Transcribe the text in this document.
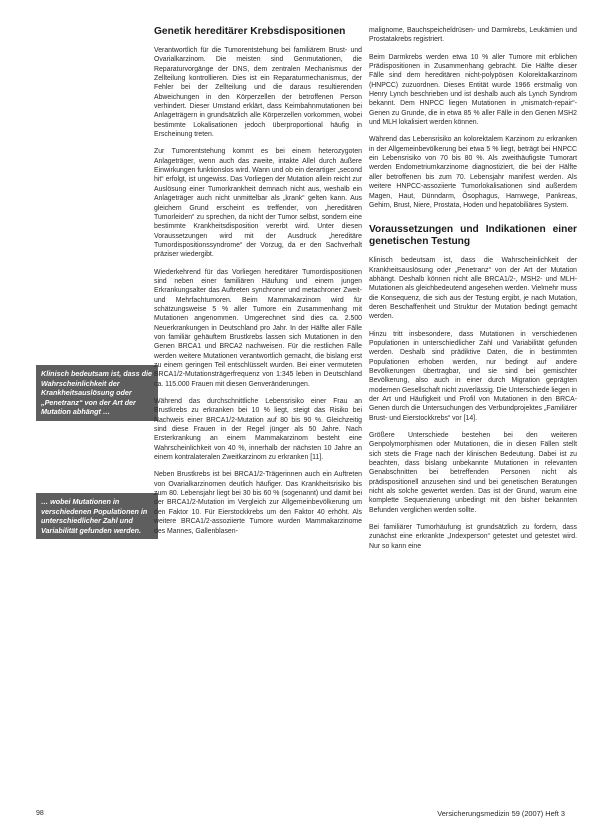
Klinisch bedeutsam ist, dass die Wahrscheinlichkeit der Krankheitsauslösung oder „Penetranz“ von der Art der Mutation abhängt …
… wobei Mutationen in verschiedenen Populationen in unterschiedlicher Zahl und Variabilität gefunden werden.
Genetik hereditärer Krebsdispositionen

Verantwortlich für die Tumorentstehung bei familiärem Brust- und Ovarialkarzinom. Die meisten sind Genmutationen, die Reparaturvorgänge der DNS, dem zentralen Mechanismus der Zellteilung kontrollieren. Dies ist ein Reparaturmechanismus, der Fehler bei der Zellteilung und die daraus resultierenden Abweichungen in den Körperzellen der betroffenen Person verhindert. Dieser Umstand erklärt, dass Keimbahnmutationen bei Anlageträgern in grundsätzlich alle Körperzellen vorkommen, wobei bestimmte Lokalisationen jedoch überproportional häufig in Erscheinung treten.

Zur Tumorentstehung kommt es bei einem heterozygoten Anlageträger, wenn auch das zweite, intakte Allel durch äußere Einwirkungen funktionslos wird. Wann und ob ein derartiger „second hit“ erfolgt, ist ungewiss. Das Vorliegen der Mutation allein reicht zur Auslösung einer Tumorkrankheit demnach nicht aus, weshalb ein Anlageträger auch nicht unmittelbar als „krank“ gelten kann. Aus gleichem Grund erscheint es treffender, von „hereditären Tumorleiden“ zu sprechen, da nicht der Tumor selbst, sondern eine bestimmte Krankheitsdisposition vererbt wird. Unter diesen Voraussetzungen wird mit der Ausdruck „hereditäre Tumordispositionssyndrome“ der Vorzug, da er den Sachverhalt präziser wiedergibt.

Wiederkehrend für das Vorliegen hereditärer Tumordispositionen sind neben einer familiären Häufung und einem jungen Erkrankungsalter das Auftreten synchroner und metachroner Zweit- und Mehrfachtumoren. Beim Mammakarzinom wird für schätzungsweise 5 % aller Tumore ein Zusammenhang mit Mutationen angenommen. Umgerechnet sind dies ca. 2.500 Neuerkrankungen in Deutschland pro Jahr. In der Hälfte aller Fälle von familiär gehäuftem Brustkrebs lassen sich Mutationen in den Genen BRCA1 und BRCA2 nachweisen. Für die restlichen Fälle werden weitere Mutationen verantwortlich gemacht, die bislang erst zu einem geringen Teil entschlüsselt wurden. Bei einer vermuteten BRCA1/2-Mutationsträgerfrequenz von 1:345 leben in Deutschland ca. 115.000 Frauen mit diesen Genveränderungen.

Während das durchschnittliche Lebensrisiko einer Frau an Brustkrebs zu erkranken bei 10 % liegt, steigt das Risiko bei Nachweis einer BRCA1/2-Mutation auf 80 bis 90 %. Gleichzeitig sind diese Frauen in der Regel jünger als 50 Jahre. Nach Ersterkrankung an einem Mammakarzinom besteht eine Wahrscheinlichkeit von 40 %, innerhalb der nächsten 10 Jahre an einem kontralateralen Zweitkarzinom zu erkranken [11].

Neben Brustkrebs ist bei BRCA1/2-Trägerinnen auch ein Auftreten von Ovarialkarzinomen deutlich häufiger. Das Krankheitsrisiko bis zum 80. Lebensjahr liegt bei 30 bis 60 % (sogenannt) und damit bei der BRCA1/2-Mutation im Vergleich zur Allgemeinbevölkerung um den Faktor 10. Für Eierstockkrebs um den Faktor 40 erhöht. Als weitere BRCA1/2-assoziierte Tumore wurden Mammakarzinome des Mannes, Gallenblasen-

malignome, Bauchspeicheldrüsen- und Darmkrebs, Leukämien und Prostatakrebs registriert.

Beim Darmkrebs werden etwa 10 % aller Tumore mit erblichen Prädispositionen in Zusammenhang gebracht. Die Hälfte dieser Fälle sind dem hereditären nicht-polypösen Kolorektalkarzinom (HNPCC) zuzuordnen. Dieses Entität wurde 1966 erstmalig von Henry Lynch beschrieben und ist deshalb auch als Lynch Syndrom bekannt. Dem HNPCC liegen Mutationen in „mismatch-repair“-Genen zu Grunde, die in etwa 85 % aller Fälle in den Genen MSH2 und MLH lokalisiert werden können.

Während das Lebensrisiko an kolorektalem Karzinom zu erkranken in der Allgemeinbevölkerung bei etwa 5 % liegt, beträgt bei HNPCC ein Lebensrisiko von 70 bis 80 %. Als zweithäufigste Tumorart werden Endometriumkarzinome diagnostiziert, die bei der Hälfte aller betroffenen bis zum 70. Lebensjahr manifest werden. Als weitere HNPCC-assoziierte Tumorlokalisationen sind außerdem Magen, Haut, Dünndarm, Ösophagus, Harnwege, Pankreas, Gehirn, Brust, Niere, Prostata, Hoden und hepatobiliäres System.

Voraussetzungen und Indikationen einer genetischen Testung

Klinisch bedeutsam ist, dass die Wahrscheinlichkeit der Krankheitsauslösung oder „Penetranz“ von der Art der Mutation abhängt. Deshalb können nicht alle BRCA1/2-, MSH2- und MLH-Mutationen als gleichbedeutend angesehen werden. Vielmehr muss die Konsequenz, die sich aus der Testung ergibt, je nach Mutation, deren Beschaffenheit und Struktur der Mutation bedingt gemacht werden.

Hinzu tritt insbesondere, dass Mutationen in verschiedenen Populationen in unterschiedlicher Zahl und Variabilität gefunden werden. Deshalb sind prädiktive Daten, die in bestimmten Populationen erhoben werden, nur bedingt auf andere Bevölkerungen übertragbar, und sie sind bei gemischter Bevölkerung, also auch in einer durch Migration geprägten modernen Gesellschaft nicht zuverlässig. Die Unterschiede liegen in der Art und Häufigkeit und Profil von Mutationen in den BRCA-Genen durch die Untersuchungen des Verbundprojektes „Familiärer Brust- und Eierstockkrebs“ vor [14].

Größere Unterschiede bestehen bei den weiteren Genpolymorphismen oder Mutationen, die in diesen Fällen stellt sich stets die Frage nach der klinischen Bedeutung. Dabei ist zu beachten, dass bislang unbekannte Mutationen in relevanten Genabschnitten bei betreffenden Personen nicht als prädispositionell anzusehen sind und bei genetischen Beratungen nicht als solche gewertet werden. Das ist der Grund, warum eine komplette Sequenzierung unbedingt mit den bisher bekannten Befunden verglichen werden sollte.

Bei familiärer Tumorhäufung ist grundsätzlich zu fordern, dass zunächst eine erkrankte „Indexperson“ getestet und getestet wird. Nur so kann eine

98	Versicherungsmedizin 59 (2007) Heft 3
